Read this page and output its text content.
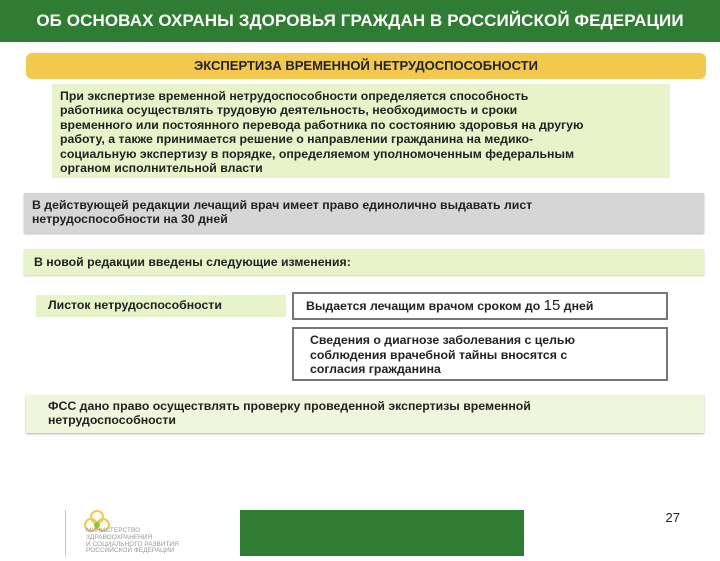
ОБ ОСНОВАХ ОХРАНЫ ЗДОРОВЬЯ ГРАЖДАН В РОССИЙСКОЙ ФЕДЕРАЦИИ
ЭКСПЕРТИЗА ВРЕМЕННОЙ НЕТРУДОСПОСОБНОСТИ
При экспертизе временной нетрудоспособности определяется способность
работника осуществлять трудовую деятельность, необходимость и сроки
временного или постоянного перевода работника по состоянию здоровья на другую
работу, а также принимается решение о направлении гражданина на медико-
социальную экспертизу в порядке, определяемом уполномоченным федеральным
органом исполнительной власти
В действующей редакции лечащий врач имеет право единолично выдавать лист
нетрудоспособности на 30 дней
В новой редакции введены следующие изменения:
Листок нетрудоспособности	Выдается лечащим врачом сроком до 15 дней
Сведения о диагнозе заболевания с целью
соблюдения врачебной тайны вносятся с
согласия гражданина
ФСС дано право осуществлять проверку проведенной экспертизы временной
нетрудоспособности
МИНИСТЕРСТВО
ЗДРАВООХРАНЕНИЯ
И СОЦИАЛЬНОГО РАЗВИТИЯ
РОССИЙСКОЙ ФЕДЕРАЦИИ
27
